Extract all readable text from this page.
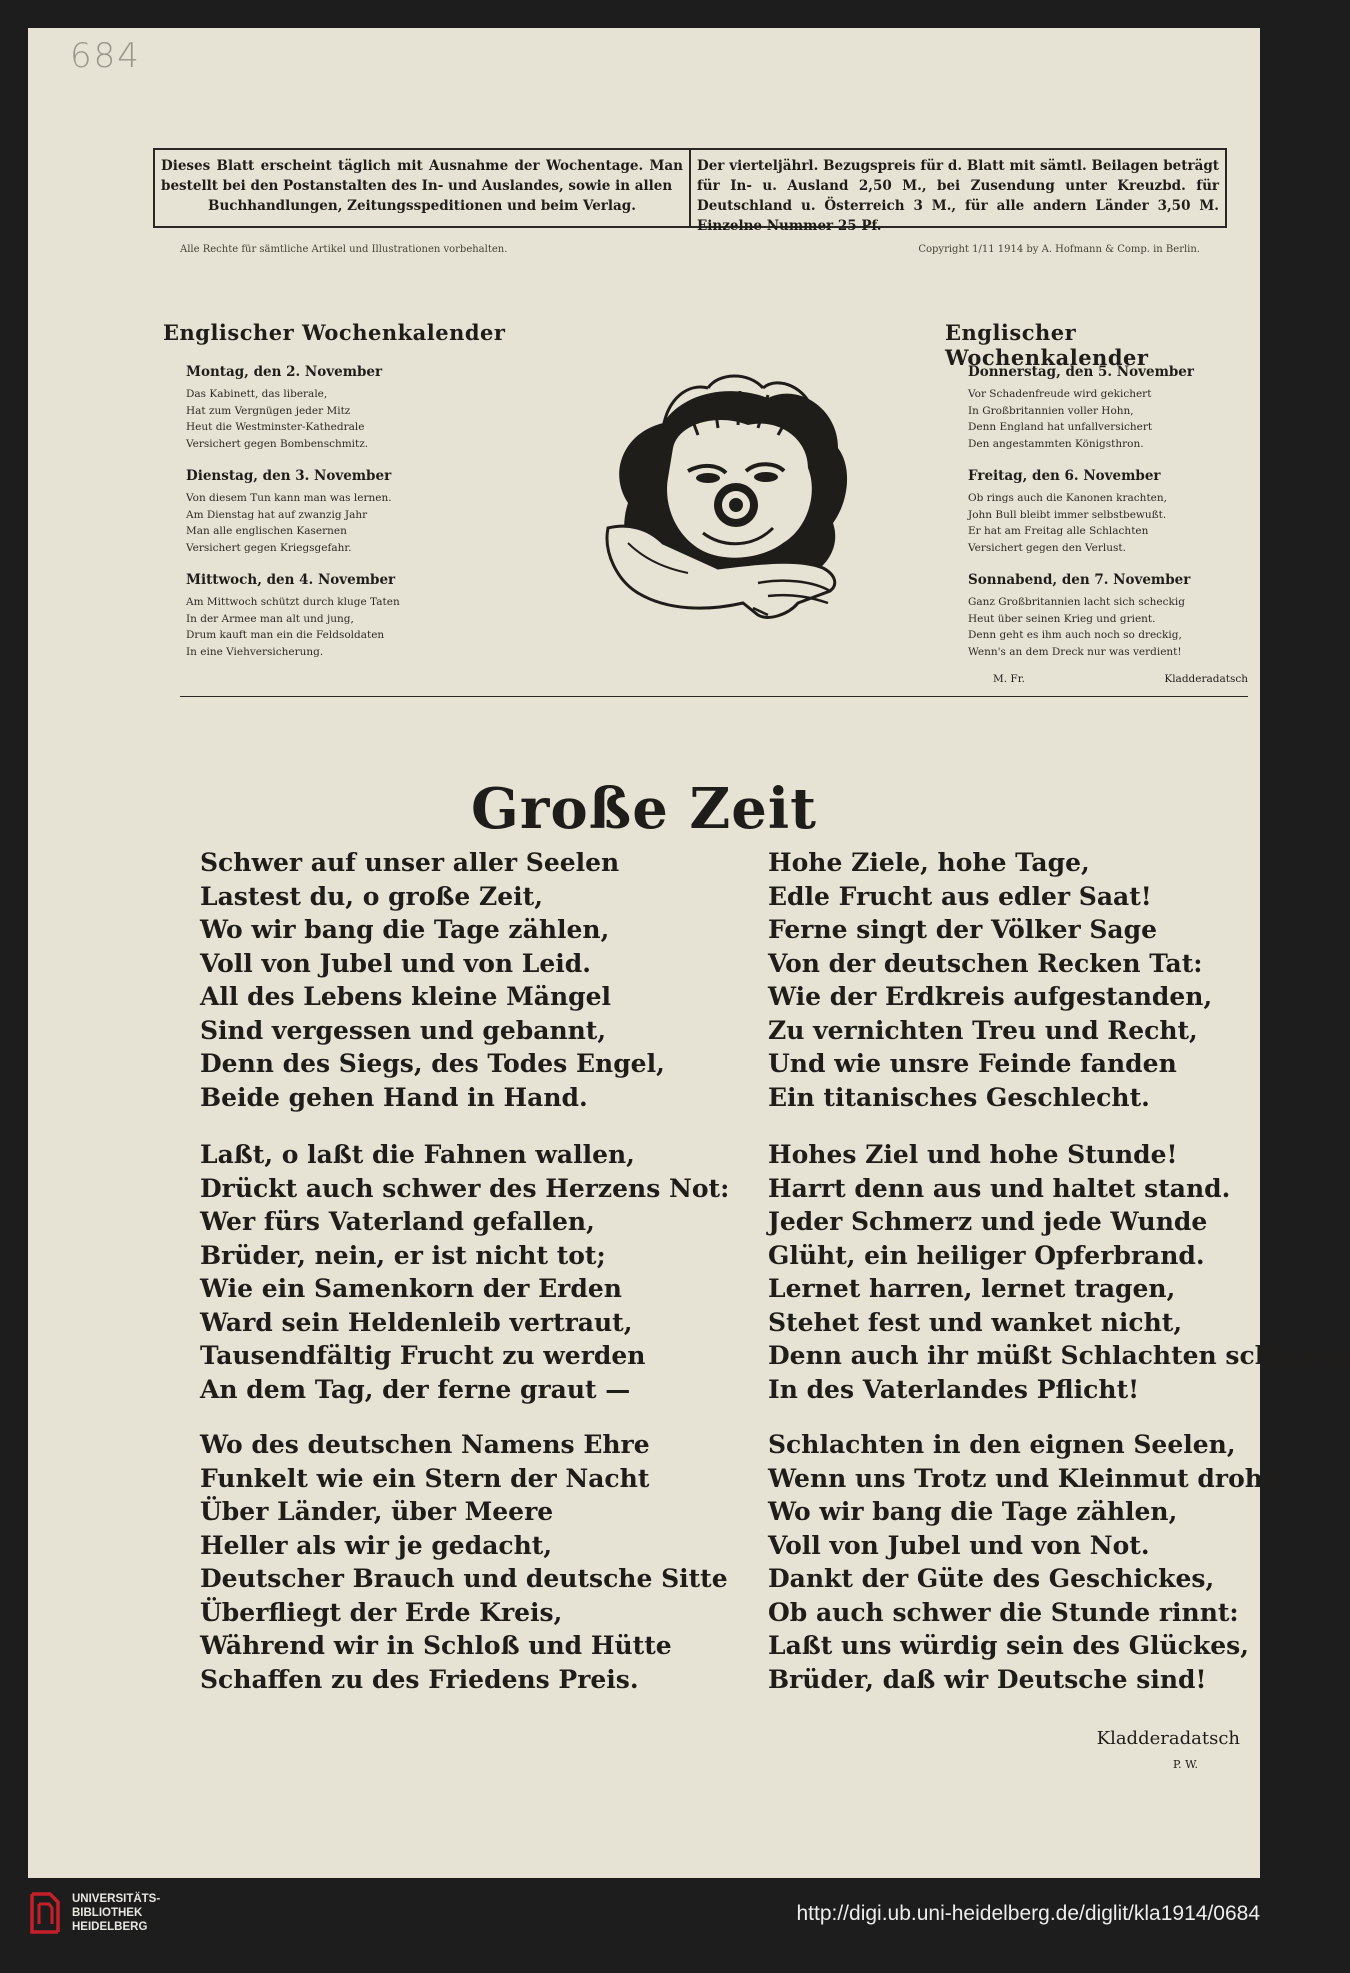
684
Dieses Blatt erscheint täglich mit Ausnahme der Wochentage. Man bestellt bei den Postanstalten des In- und Auslandes, sowie in allen
Buchhandlungen, Zeitungsspeditionen und beim Verlag.
Der vierteljährl. Bezugspreis für d. Blatt mit sämtl. Beilagen beträgt für In- u. Ausland 2,50 M., bei Zusendung unter Kreuzbd. für Deutschland u. Österreich 3 M., für alle andern Länder 3,50 M. Einzelne Nummer 25 Pf.
Alle Rechte für sämtliche Artikel und Illustrationen vorbehalten.	Copyright 1/11 1914 by A. Hofmann & Comp. in Berlin.
Englischer Wochenkalender
Montag, den 2. November
Das Kabinett, das liberale,
Hat zum Vergnügen jeder Mitz
Heut die Westminster-Kathedrale
Versichert gegen Bombenschmitz.
Dienstag, den 3. November
Von diesem Tun kann man was lernen.
Am Dienstag hat auf zwanzig Jahr
Man alle englischen Kasernen
Versichert gegen Kriegsgefahr.
Mittwoch, den 4. November
Am Mittwoch schützt durch kluge Taten
In der Armee man alt und jung,
Drum kauft man ein die Feldsoldaten
In eine Viehversicherung.
Englischer Wochenkalender
Donnerstag, den 5. November
Vor Schadenfreude wird gekichert
In Großbritannien voller Hohn,
Denn England hat unfallversichert
Den angestammten Königsthron.
Freitag, den 6. November
Ob rings auch die Kanonen krachten,
John Bull bleibt immer selbstbewußt.
Er hat am Freitag alle Schlachten
Versichert gegen den Verlust.
Sonnabend, den 7. November
Ganz Großbritannien lacht sich scheckig
Heut über seinen Krieg und grient.
Denn geht es ihm auch noch so dreckig,
Wenn's an dem Dreck nur was verdient!
M. Fr.	Kladderadatsch
Große Zeit
Schwer auf unser aller Seelen
Lastest du, o große Zeit,
Wo wir bang die Tage zählen,
Voll von Jubel und von Leid.
All des Lebens kleine Mängel
Sind vergessen und gebannt,
Denn des Siegs, des Todes Engel,
Beide gehen Hand in Hand.
Laßt, o laßt die Fahnen wallen,
Drückt auch schwer des Herzens Not:
Wer fürs Vaterland gefallen,
Brüder, nein, er ist nicht tot;
Wie ein Samenkorn der Erden
Ward sein Heldenleib vertraut,
Tausendfältig Frucht zu werden
An dem Tag, der ferne graut —
Wo des deutschen Namens Ehre
Funkelt wie ein Stern der Nacht
Über Länder, über Meere
Heller als wir je gedacht,
Deutscher Brauch und deutsche Sitte
Überfliegt der Erde Kreis,
Während wir in Schloß und Hütte
Schaffen zu des Friedens Preis.
Hohe Ziele, hohe Tage,
Edle Frucht aus edler Saat!
Ferne singt der Völker Sage
Von der deutschen Recken Tat:
Wie der Erdkreis aufgestanden,
Zu vernichten Treu und Recht,
Und wie unsre Feinde fanden
Ein titanisches Geschlecht.
Hohes Ziel und hohe Stunde!
Harrt denn aus und haltet stand.
Jeder Schmerz und jede Wunde
Glüht, ein heiliger Opferbrand.
Lernet harren, lernet tragen,
Stehet fest und wanket nicht,
Denn auch ihr müßt Schlachten schlagen
In des Vaterlandes Pflicht!
Schlachten in den eignen Seelen,
Wenn uns Trotz und Kleinmut droht,
Wo wir bang die Tage zählen,
Voll von Jubel und von Not.
Dankt der Güte des Geschickes,
Ob auch schwer die Stunde rinnt:
Laßt uns würdig sein des Glückes,
Brüder, daß wir Deutsche sind!
Kladderadatsch
P. W.
UNIVERSITÄTS-
BIBLIOTHEK
HEIDELBERG
http://digi.ub.uni-heidelberg.de/diglit/kla1914/0684
